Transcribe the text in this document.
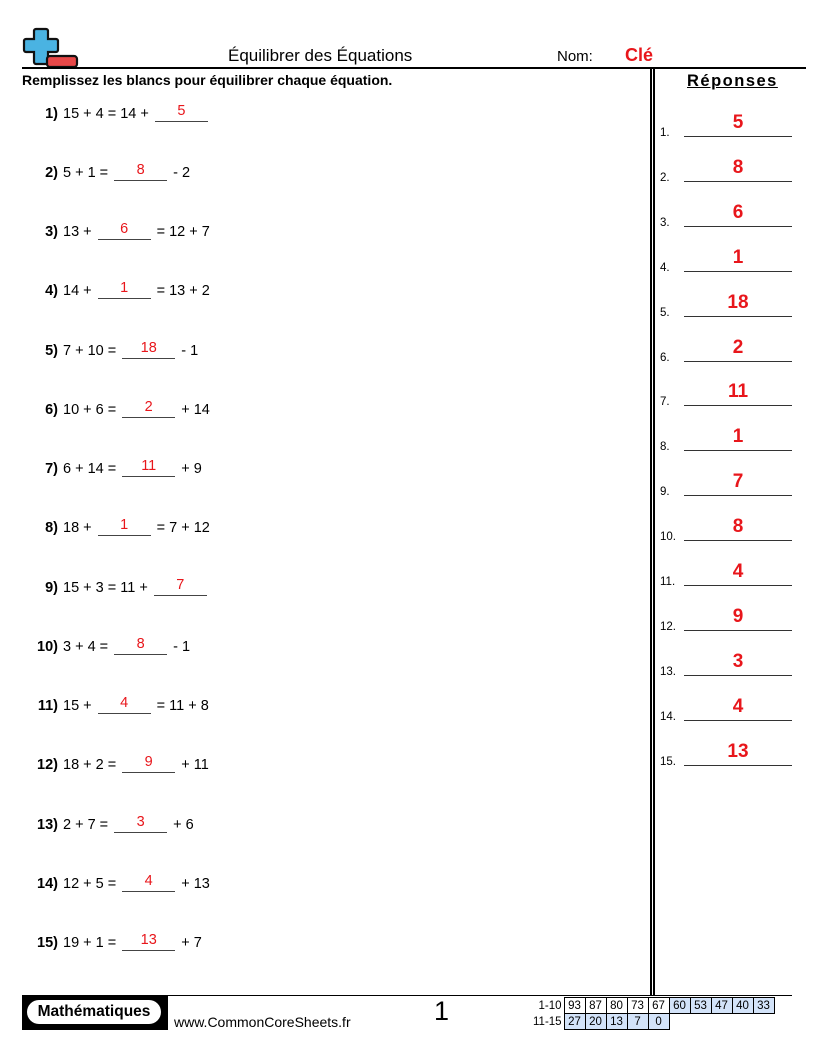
Équilibrer des Équations	Nom: Clé
Remplissez les blancs pour équilibrer chaque équation.	Réponses
1) 15 + 4 = 14 +	5
2) 5 + 1 =	8	- 2
3) 13 +	6	= 12 + 7
4) 14 +	1	= 13 + 2
5) 7 + 10 =	18	- 1
6) 10 + 6 =	2	+ 14
7) 6 + 14 =	11	+ 9
8) 18 +	1	= 7 + 12
9) 15 + 3 = 11 +	7
10) 3 + 4 =	8	- 1
11) 15 +	4	= 11 + 8
12) 18 + 2 =	9	+ 11
13) 2 + 7 =	3	+ 6
14) 12 + 5 =	4	+ 13
15) 19 + 1 =	13	+ 7
1.	5
2.	8
3.	6
4.	1
5.	18
6.	2
7.	11
8.	1
9.	7
10.	8
11.	4
12.	9
13.	3
14.	4
15.	13
Mathématiques
www.CommonCoreSheets.fr	1	1-10	93	87	80	73	67	60	53	47	40	33
11-15	27	20	13	7	0					
